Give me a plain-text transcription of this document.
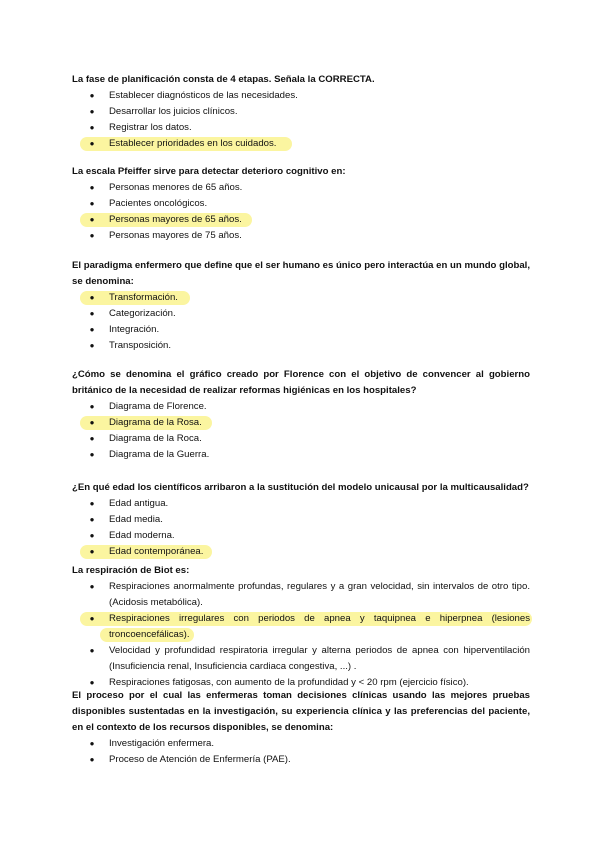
La fase de planificación consta de 4 etapas. Señala la CORRECTA.

● Establecer diagnósticos de las necesidades.
● Desarrollar los juicios clínicos.
● Registrar los datos.
● Establecer prioridades en los cuidados.

La escala Pfeiffer sirve para detectar deterioro cognitivo en:

● Personas menores de 65 años.
● Pacientes oncológicos.
● Personas mayores de 65 años.
● Personas mayores de 75 años.

El paradigma enfermero que define que el ser humano es único pero interactúa en un mundo global, se denomina:

● Transformación.
● Categorización.
● Integración.
● Transposición.

¿Cómo se denomina el gráfico creado por Florence con el objetivo de convencer al gobierno británico de la necesidad de realizar reformas higiénicas en los hospitales?

● Diagrama de Florence.
● Diagrama de la Rosa.
● Diagrama de la Roca.
● Diagrama de la Guerra.

¿En qué edad los científicos arribaron a la sustitución del modelo unicausal por la multicausalidad?

● Edad antigua.
● Edad media.
● Edad moderna.
● Edad contemporánea.

La respiración de Biot es:

● Respiraciones anormalmente profundas, regulares y a gran velocidad, sin intervalos de otro tipo. (Acidosis metabólica).
● Respiraciones irregulares con periodos de apnea y taquipnea e hiperpnea (lesiones troncoencefálicas).
● Velocidad y profundidad respiratoria irregular y alterna periodos de apnea con hiperventilación (Insuficiencia renal, Insuficiencia cardiaca congestiva, ...) .
● Respiraciones fatigosas, con aumento de la profundidad y < 20 rpm (ejercicio físico).

El proceso por el cual las enfermeras toman decisiones clínicas usando las mejores pruebas disponibles sustentadas en la investigación, su experiencia clínica y las preferencias del paciente, en el contexto de los recursos disponibles, se denomina:

● Investigación enfermera.
● Proceso de Atención de Enfermería (PAE).
